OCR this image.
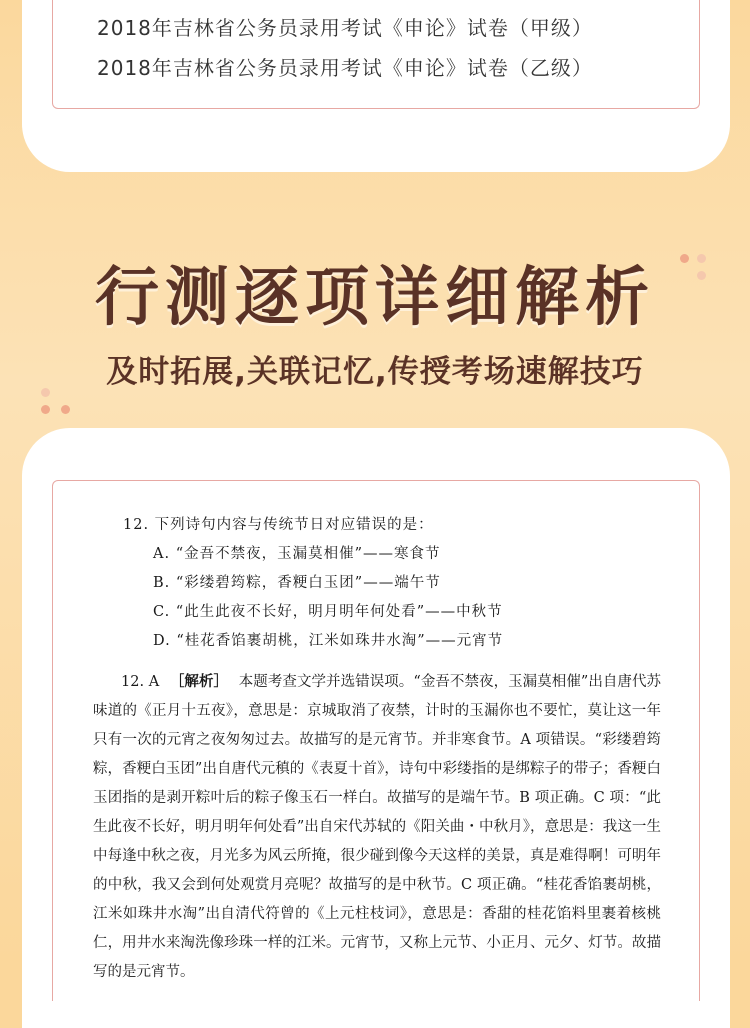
2018年吉林省公务员录用考试《申论》试卷（甲级）
2018年吉林省公务员录用考试《申论》试卷（乙级）
行测逐项详细解析
及时拓展,关联记忆,传授考场速解技巧
12. 下列诗句内容与传统节日对应错误的是：
A. “金吾不禁夜，玉漏莫相催”——寒食节
B. “彩缕碧筠粽，香粳白玉团”——端午节
C. “此生此夜不长好，明月明年何处看”——中秋节
D. “桂花香馅裹胡桃，江米如珠井水淘”——元宵节
12. A ［解析］ 本题考查文学并选错误项。“金吾不禁夜，玉漏莫相催”出自唐代苏味道的《正月十五夜》，意思是：京城取消了夜禁，计时的玉漏你也不要忙，莫让这一年只有一次的元宵之夜匆匆过去。故描写的是元宵节。并非寒食节。A 项错误。“彩缕碧筠粽，香粳白玉团”出自唐代元稹的《表夏十首》，诗句中彩缕指的是绑粽子的带子；香粳白玉团指的是剥开粽叶后的粽子像玉石一样白。故描写的是端午节。B 项正确。C 项：“此生此夜不长好，明月明年何处看”出自宋代苏轼的《阳关曲・中秋月》，意思是：我这一生中每逢中秋之夜，月光多为风云所掩，很少碰到像今天这样的美景，真是难得啊！可明年的中秋，我又会到何处观赏月亮呢？故描写的是中秋节。C 项正确。“桂花香馅裹胡桃，江米如珠井水淘”出自清代符曾的《上元柱枝词》，意思是：香甜的桂花馅料里裹着核桃仁，用井水来淘洗像珍珠一样的江米。元宵节，又称上元节、小正月、元夕、灯节。故描写的是元宵节。
